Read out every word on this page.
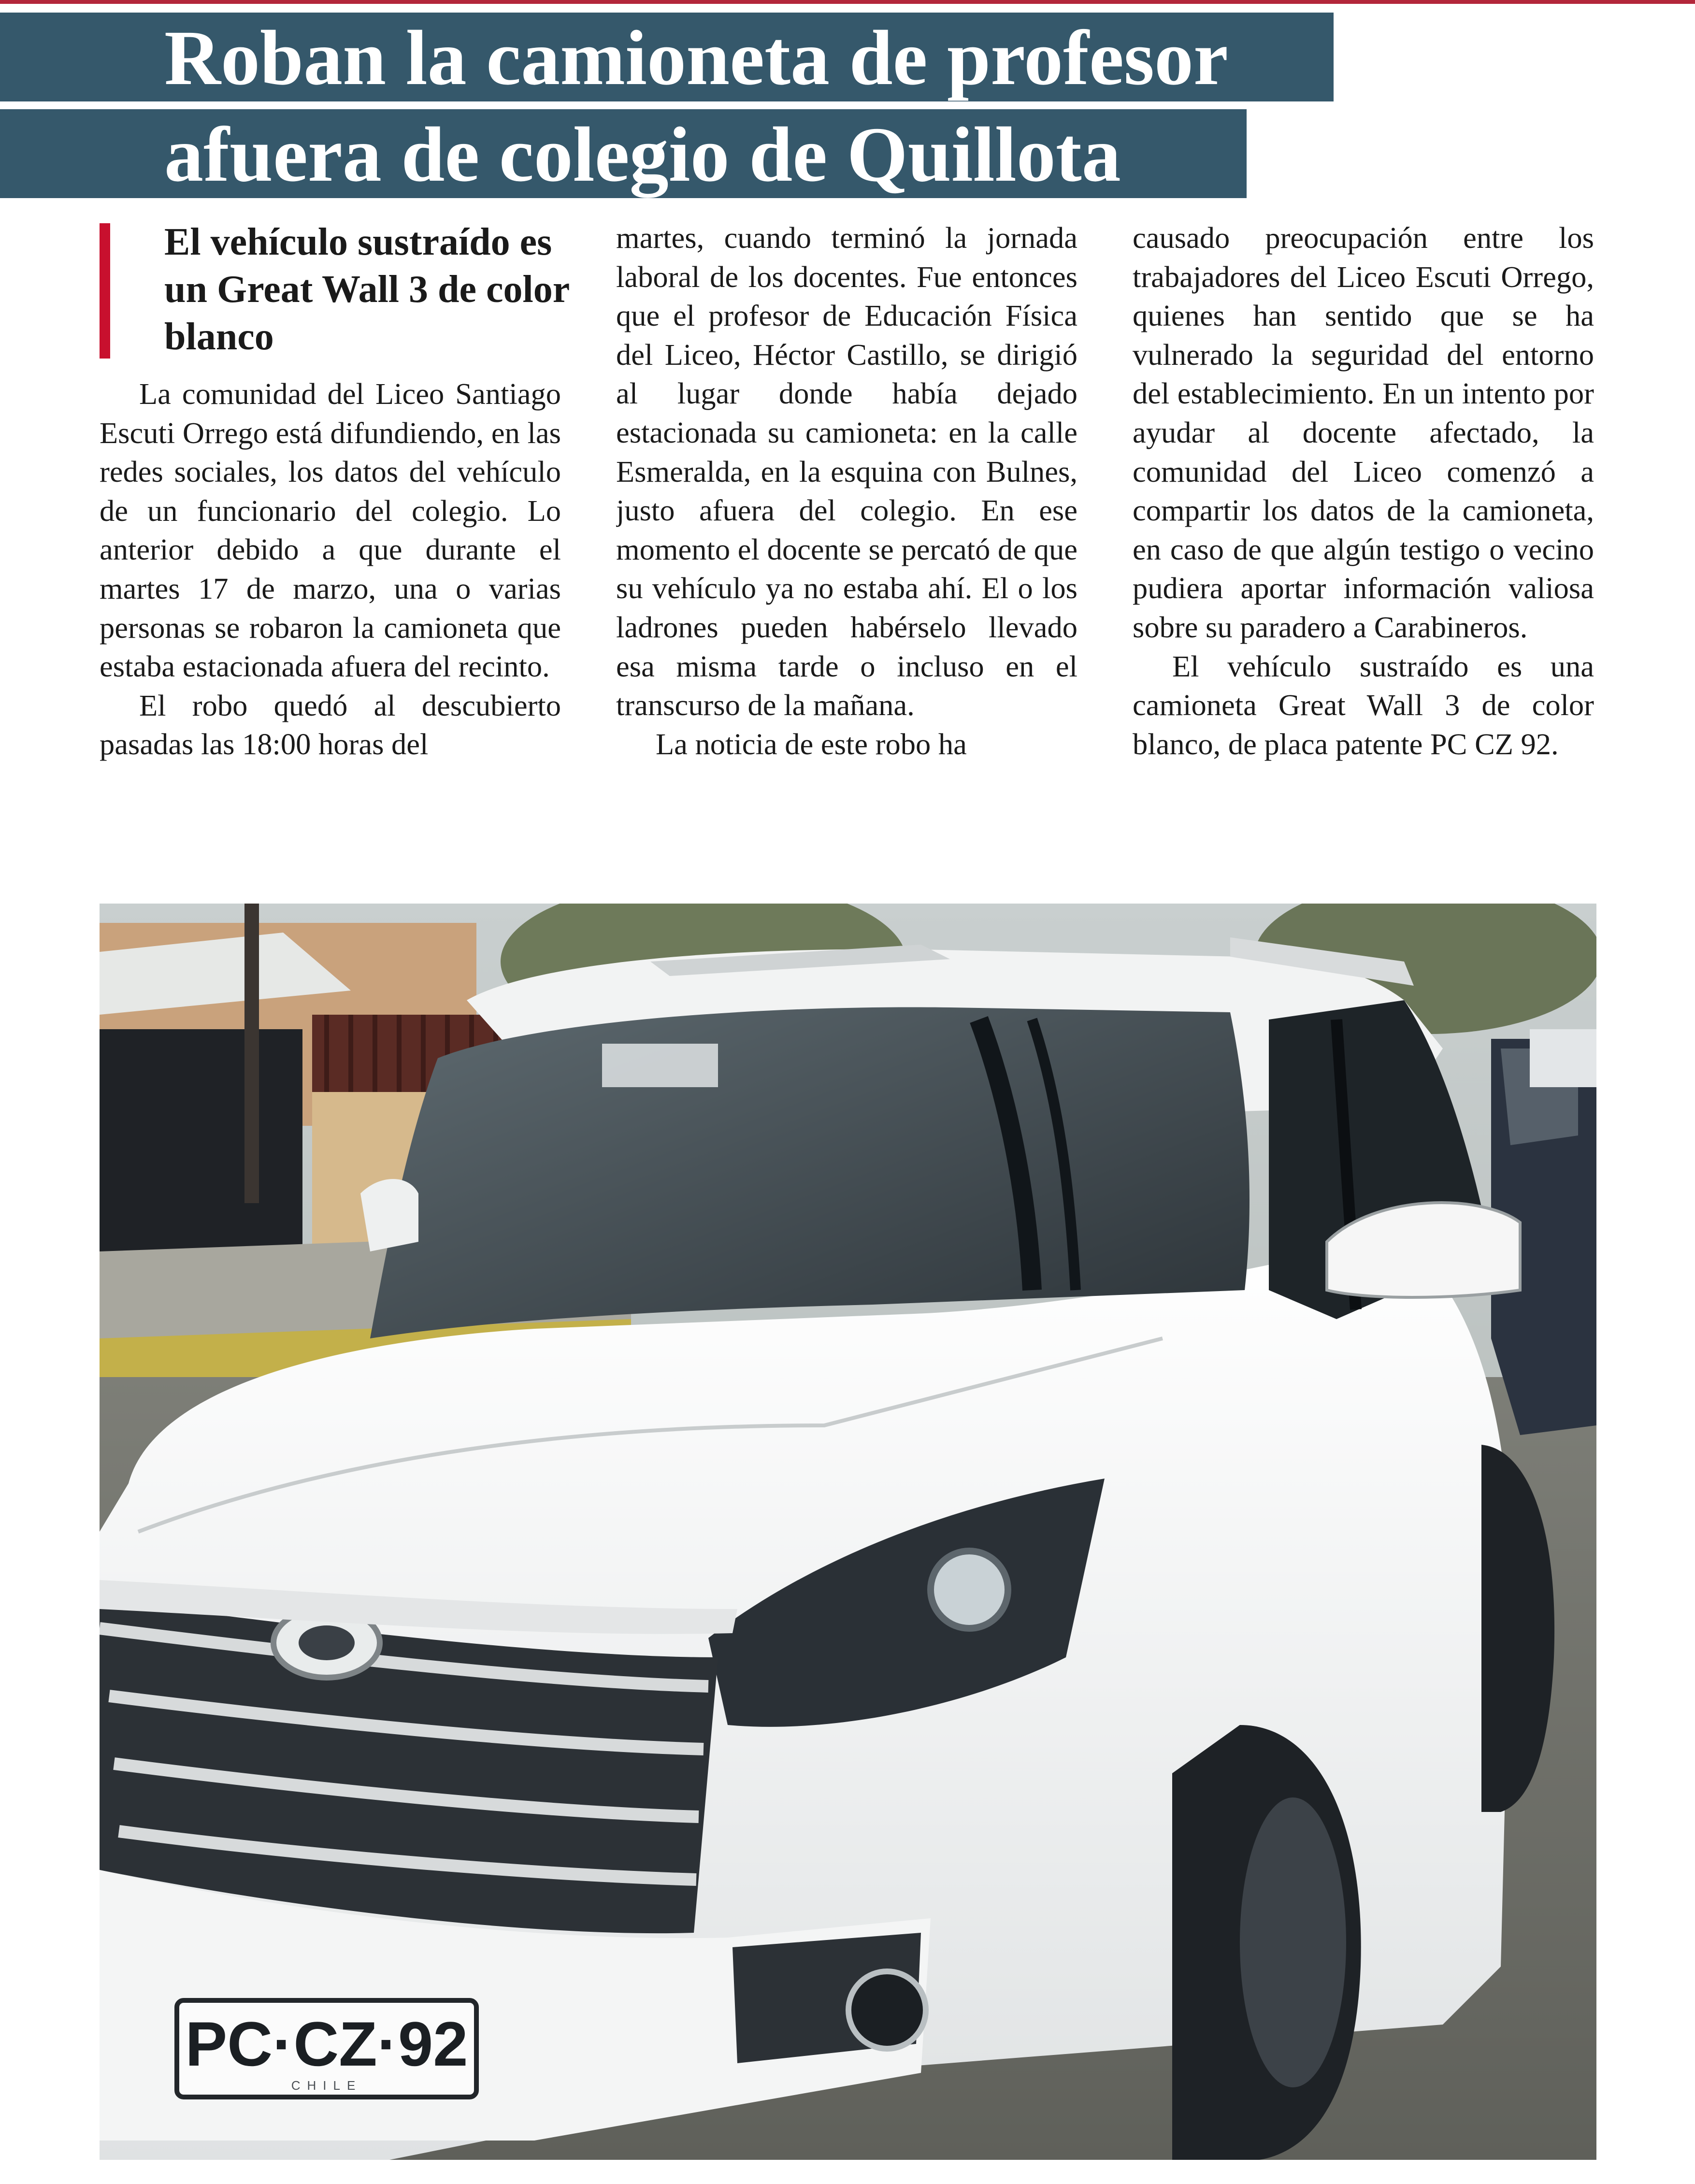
Roban la camioneta de profesor
afuera de colegio de Quillota
El vehículo sustraído es un Great Wall 3 de color blanco

La comunidad del Liceo Santiago Escuti Orrego está difundiendo, en las redes sociales, los datos del vehículo de un funcionario del colegio. Lo anterior debido a que durante el martes 17 de marzo, una o varias personas se robaron la camioneta que estaba estacionada afuera del recinto.

El robo quedó al descubierto pasadas las 18:00 horas del

martes, cuando terminó la jornada laboral de los docentes. Fue entonces que el profesor de Educación Física del Liceo, Héctor Castillo, se dirigió al lugar donde había dejado estacionada su camioneta: en la calle Esmeralda, en la esquina con Bulnes, justo afuera del colegio. En ese momento el docente se percató de que su vehículo ya no estaba ahí. El o los ladrones pueden habérselo llevado esa misma tarde o incluso en el transcurso de la mañana.

La noticia de este robo ha

causado preocupación entre los trabajadores del Liceo Escuti Orrego, quienes han sentido que se ha vulnerado la seguridad del entorno del establecimiento. En un intento por ayudar al docente afectado, la comunidad del Liceo comenzó a compartir los datos de la camioneta, en caso de que algún testigo o vecino pudiera aportar información valiosa sobre su paradero a Carabineros.

El vehículo sustraído es una camioneta Great Wall 3 de color blanco, de placa patente PC CZ 92.

PC·CZ·92
CHILE
